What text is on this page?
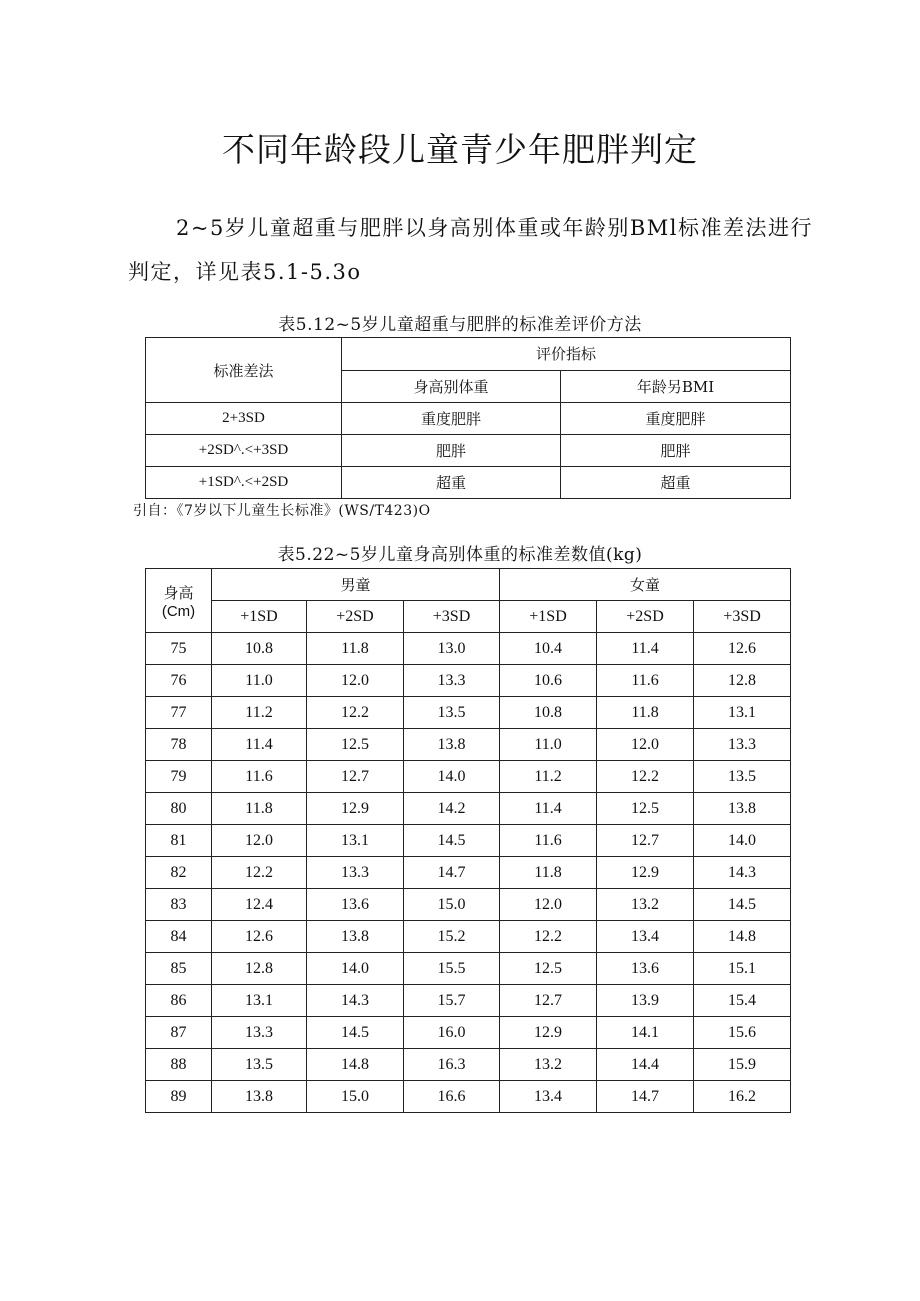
不同年龄段儿童青少年肥胖判定
2~5岁儿童超重与肥胖以身高别体重或年龄别BMl标准差法进行判定，详见表5.1-5.3o
表5.12~5岁儿童超重与肥胖的标准差评价方法
标准差法	评价指标	
	身高别体重	年龄另BMI
2+3SD	重度肥胖	重度肥胖
+2SD^.<+3SD	肥胖	肥胖
+1SD^.<+2SD	超重	超重
引自：《7岁以下儿童生长标准》(WS/T423)O
表5.22~5岁儿童身高别体重的标准差数值(kg)
身高
(Cm)	男童			女童		
	+1SD	+2SD	+3SD	+1SD	+2SD	+3SD
75	10.8	11.8	13.0	10.4	11.4	12.6
76	11.0	12.0	13.3	10.6	11.6	12.8
77	11.2	12.2	13.5	10.8	11.8	13.1
78	11.4	12.5	13.8	11.0	12.0	13.3
79	11.6	12.7	14.0	11.2	12.2	13.5
80	11.8	12.9	14.2	11.4	12.5	13.8
81	12.0	13.1	14.5	11.6	12.7	14.0
82	12.2	13.3	14.7	11.8	12.9	14.3
83	12.4	13.6	15.0	12.0	13.2	14.5
84	12.6	13.8	15.2	12.2	13.4	14.8
85	12.8	14.0	15.5	12.5	13.6	15.1
86	13.1	14.3	15.7	12.7	13.9	15.4
87	13.3	14.5	16.0	12.9	14.1	15.6
88	13.5	14.8	16.3	13.2	14.4	15.9
89	13.8	15.0	16.6	13.4	14.7	16.2
